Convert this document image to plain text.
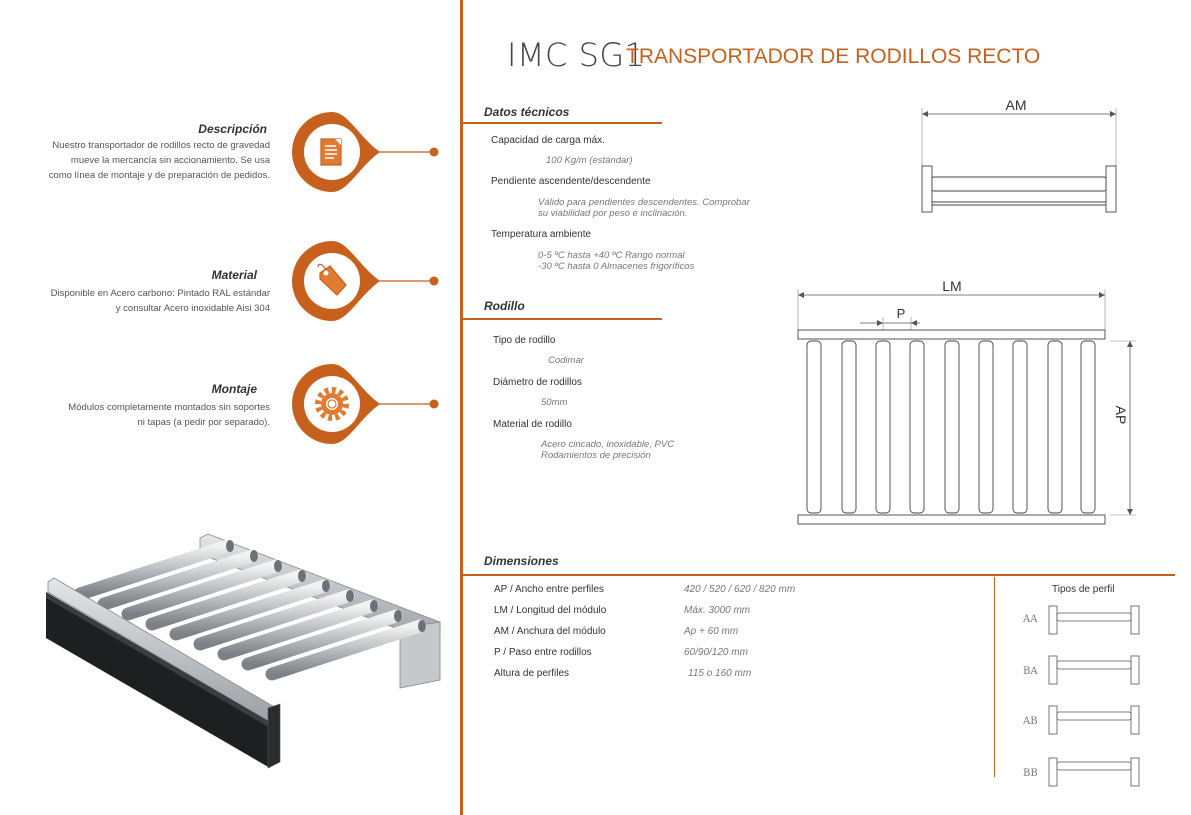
IMC SG1
TRANSPORTADOR DE RODILLOS RECTO
Descripción
Nuestro transportador de rodillos recto de gravedad
mueve la mercancía sin accionamiento. Se usa
como línea de montaje y de preparación de pedidos.
Material
Disponible en Acero carbono: Pintado RAL estándar
y consultar Acero inoxidable Aisi 304
Montaje
Módulos completamente montados sin soportes
ni tapas (a pedir por separado).
Datos técnicos
Capacidad de carga máx.
100 Kg/m (estándar)
Pendiente ascendente/descendente
Válido para pendientes descendentes. Comprobar
su viabilidad por peso e inclinación.
Temperatura ambiente
0-5 ºC hasta +40 ºC Rango normal
-30 ºC hasta 0 Almacenes frigoríficos
Rodillo
Tipo de rodillo
Codimar
Diámetro de rodillos
50mm
Material de rodillo
Acero cincado, inoxidable, PVC
Rodamientos de precisión
AM
LM
P
AP
Dimensiones
AP / Ancho entre perfiles	420 / 520 / 620 / 820 mm
LM / Longitud del módulo	Máx. 3000 mm
AM / Anchura del módulo	Ap + 60 mm
P / Paso entre rodillos	60/90/120 mm
Altura de perfiles	115 o 160 mm
Tipos de perfil
AA
BA
AB
BB
